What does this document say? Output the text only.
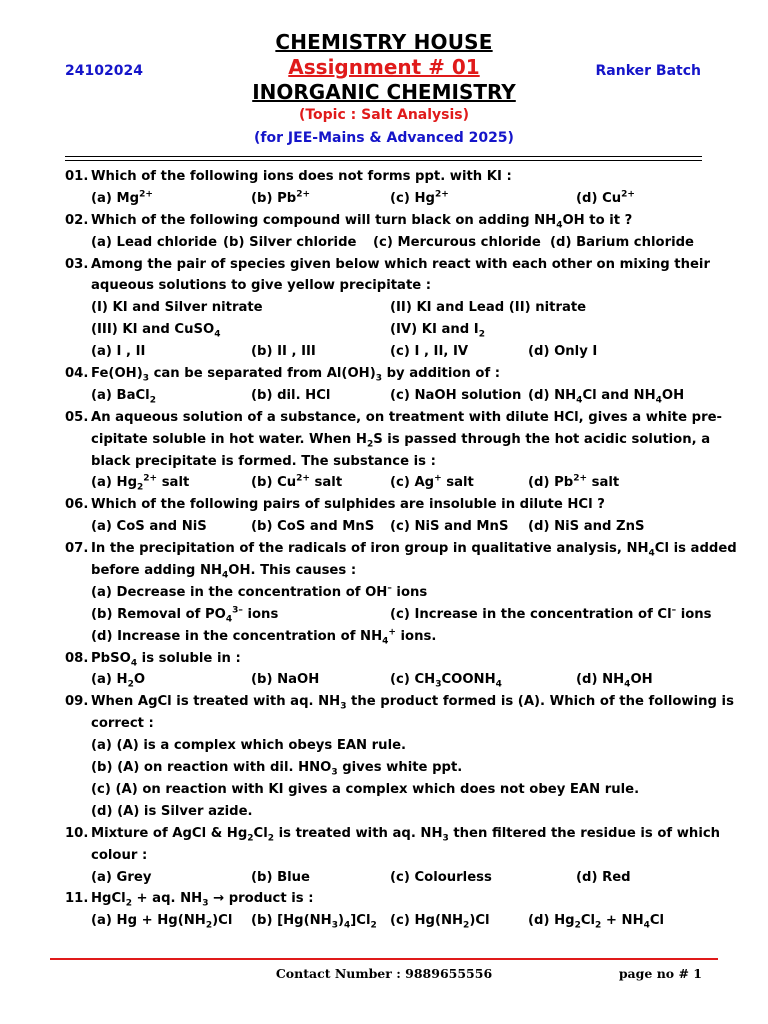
CHEMISTRY HOUSE
24102024	Ranker Batch
Assignment # 01
INORGANIC CHEMISTRY
(Topic : Salt Analysis)
(for JEE-Mains & Advanced 2025)
01. Which of the following ions does not forms ppt. with KI :
(a) $Mg^{2+}$	(b) $Pb^{2+}$	(c) $Hg^{2+}$	(d) $Cu^{2+}$
02. Which of the following compound will turn black on adding $NH_4OH$ to it ?
(a) Lead chloride (b) Silver chloride (c) Mercurous chloride (d) Barium chloride
03. Among the pair of species given below which react with each other on mixing their
aqueous solutions to give yellow precipitate :
(I) KI and Silver nitrate	(II) KI and Lead (II) nitrate
(III) KI and CuSO$_4$	(IV) KI and $I_2$
(a) I , II	(b) II , III	(c) I , II, IV	(d) Only I
04. $Fe(OH)_3$ can be separated from $Al(OH)_3$ by addition of :
(a) BaCl$_2$	(b) dil. HCl	(c) NaOH solution (d) $NH_4Cl$ and $NH_4OH$
05. An aqueous solution of a substance, on treatment with dilute HCl, gives a white pre-
cipitate soluble in hot water. When $H_2S$ is passed through the hot acidic solution, a
black precipitate is formed. The substance is :
(a) $Hg_2^{2+}$ salt	(b) $Cu^{2+}$ salt	(c) Ag+ salt	(d) $Pb^{2+}$ salt
06. Which of the following pairs of sulphides are insoluble in dilute HCl ?
(a) CoS and NiS	(b) CoS and MnS (c) NiS and MnS (d) NiS and ZnS
07. In the precipitation of the radicals of iron group in qualitative analysis, $NH_4Cl$ is added
before adding $NH_4OH$. This causes :
(a) Decrease in the concentration of OH– ions
(b) Removal of $PO_4^{3-}$ ions	(c) Increase in the concentration of Cl– ions
(d) Increase in the concentration of $NH_4^+$ ions.
08. PbSO$_4$ is soluble in :
(a) $H_2O$	(b) NaOH	(c) $CH_3COONH_4$	(d) $NH_4OH$
09. When AgCl is treated with aq. $NH_3$ the product formed is (A). Which of the following is
correct :
(a) (A) is a complex which obeys EAN rule.
(b) (A) on reaction with dil. $HNO_3$ gives white ppt.
(c) (A) on reaction with KI gives a complex which does not obey EAN rule.
(d) (A) is Silver azide.
10. Mixture of AgCl & $Hg_2Cl_2$ is treated with aq. $NH_3$ then filtered the residue is of which
colour :
(a) Grey	(b) Blue	(c) Colourless	(d) Red
11. HgCl$_2$ + aq. $NH_3$ → product is :
(a) $Hg + Hg(NH_2)Cl$ (b) $[Hg(NH_3)_4]Cl_2$ (c) $Hg(NH_2)Cl$	(d) $Hg_2Cl_2 + NH_4Cl$
Contact Number : 9889655556	page no # 1
